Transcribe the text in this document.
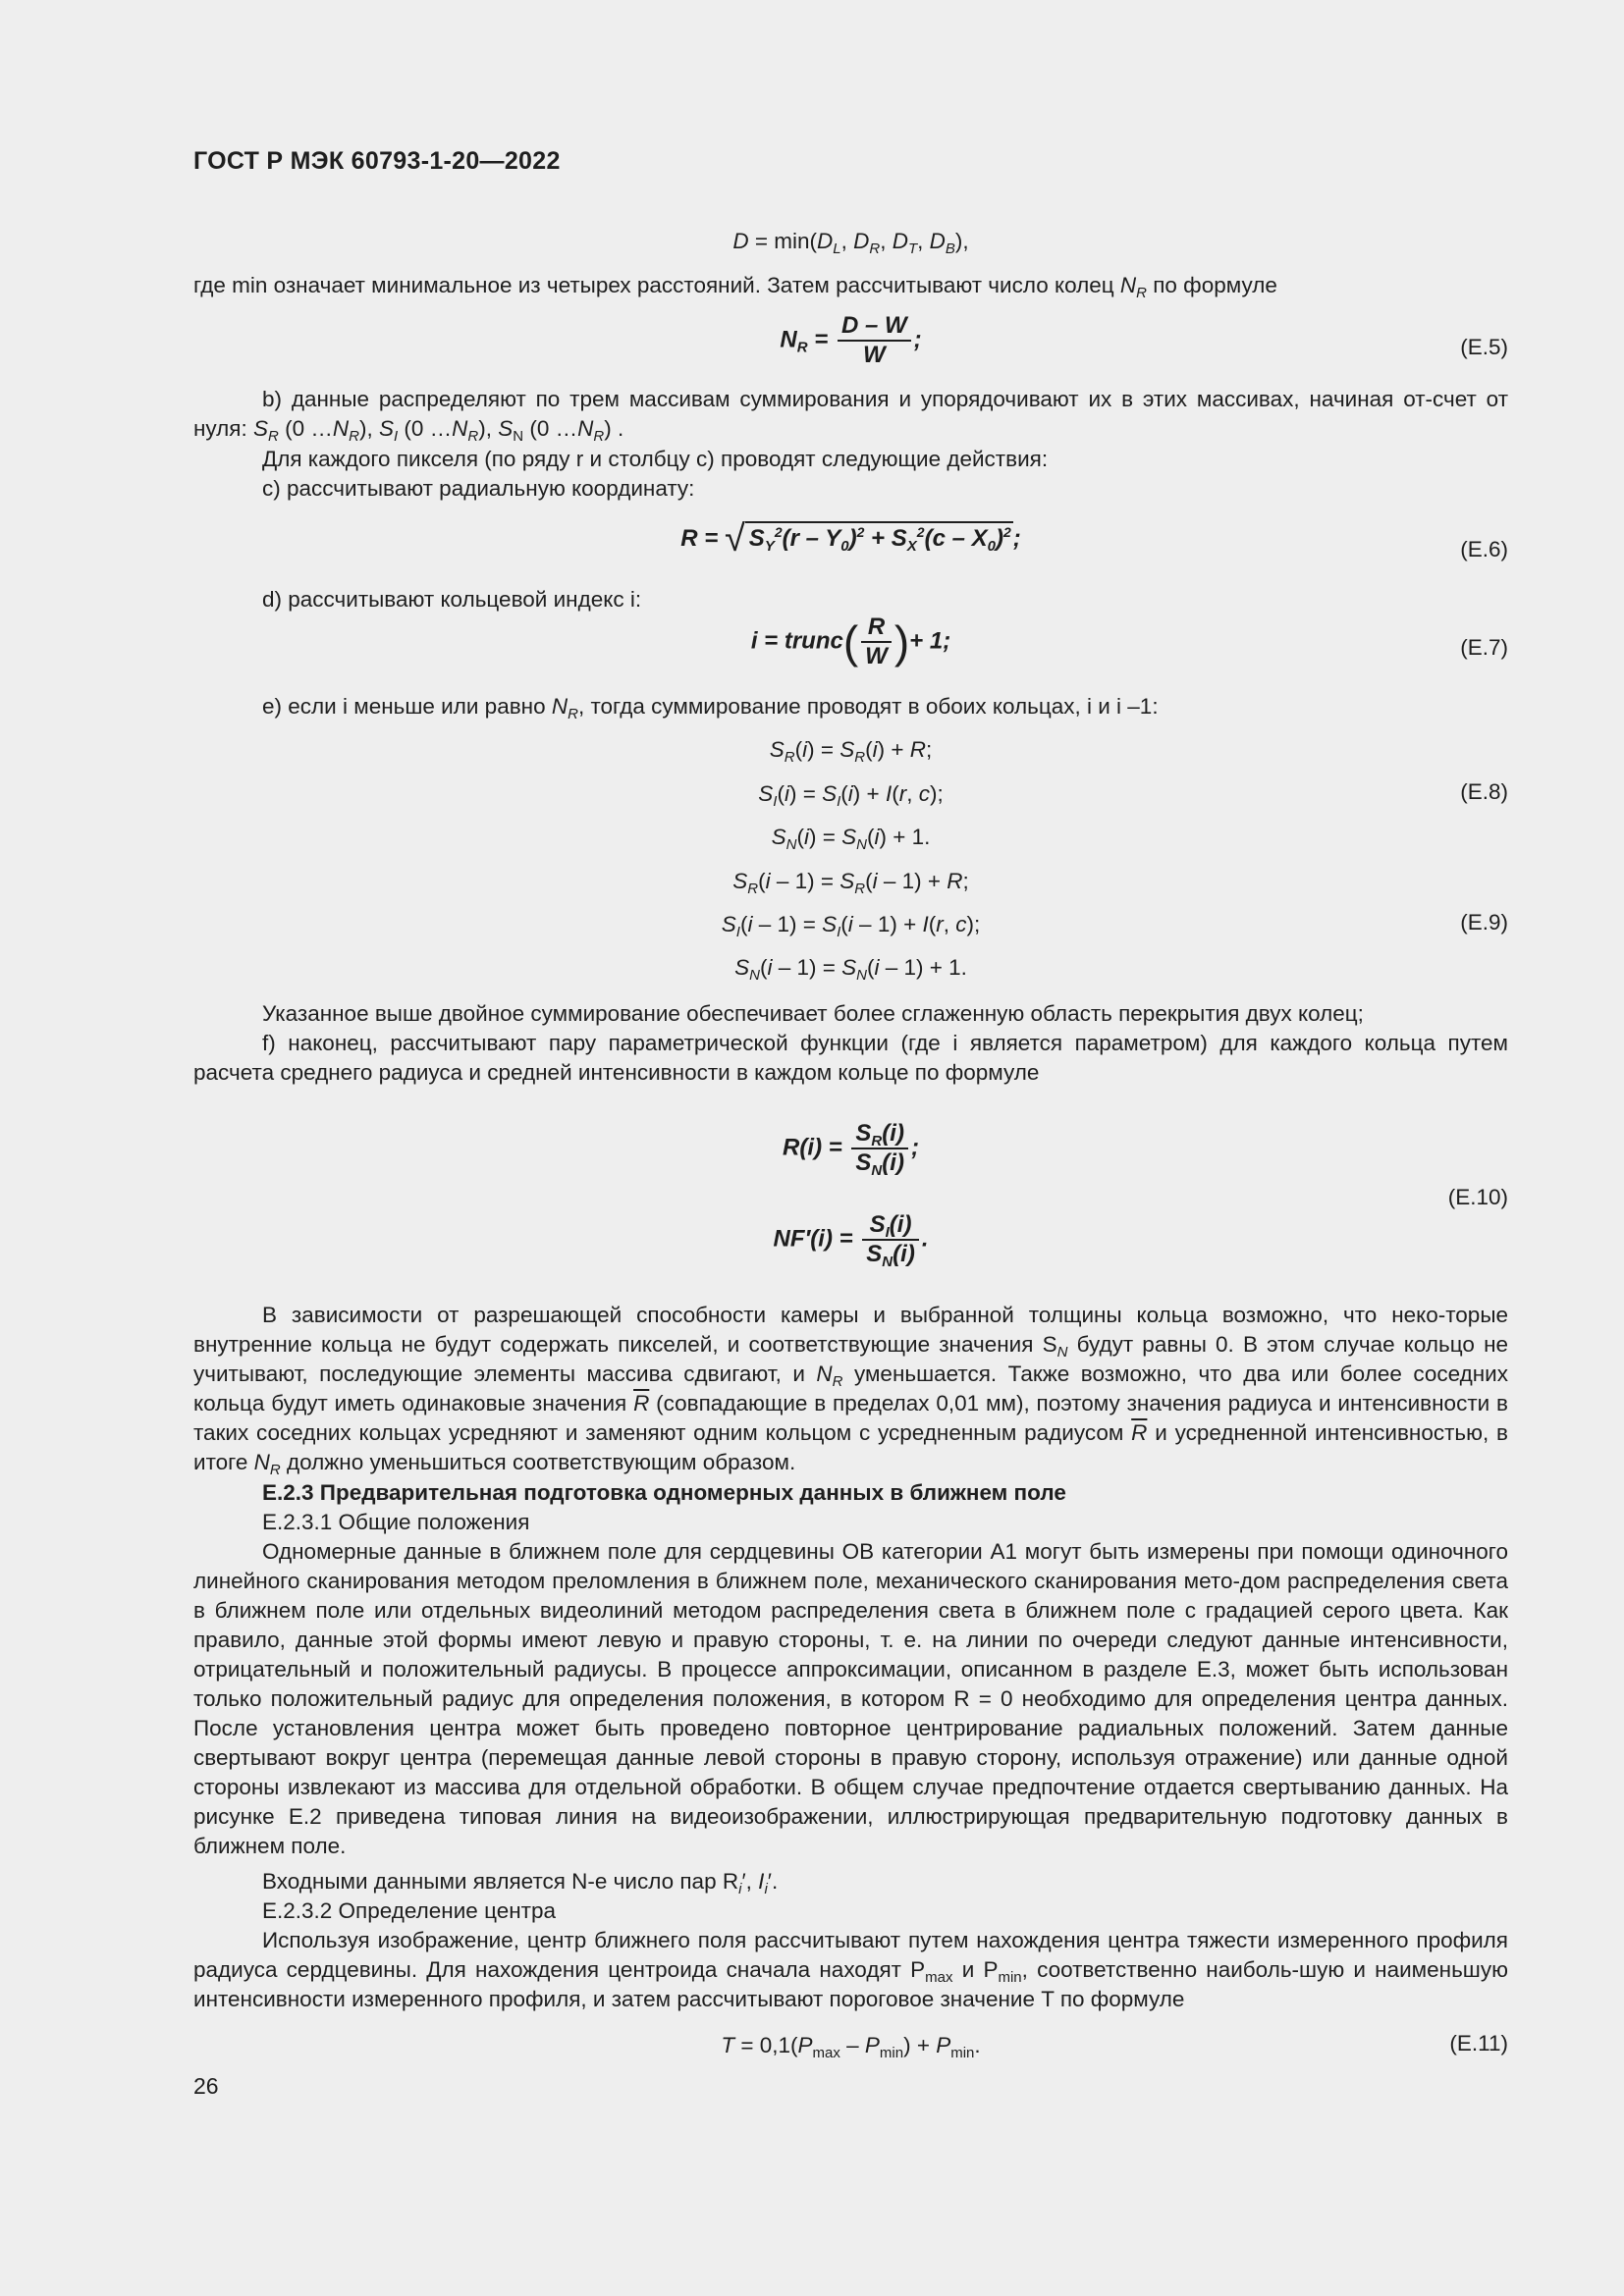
ГОСТ Р МЭК 60793-1-20—2022
$D = \min(D_L$, $D_R$, $D_T$, $D_B$),
где min означает минимальное из четырех расстояний. Затем рассчитывают число колец $N_R$ по формуле
$N_R = \frac{D - W}{W}$ ;	(E.5)
b) данные распределяют по трем массивам суммирования и упорядочивают их в этих массивах, начиная от-счет от нуля: $S_R$ (0 $\dots N_R$), $S_I$ (0 $\dots N_R$), $S_N$ (0 $\dots N_R$) .
Для каждого пикселя (по ряду r и столбцу c) проводят следующие действия:
c) рассчитывают радиальную координату:
R = √ $S_Y^2(r - Y_0)^2 + S_X^2(c - X_0)^2$;	(E.6)
d) рассчитывают кольцевой индекс i:
i = trunc( $\frac{R}{W}$ )+ 1;	(E.7)
e) если i меньше или равно $N_R$, тогда суммирование проводят в обоих кольцах, i и i –1:
$S_R(i) = S_R(i) + R$;
$S_I(i) = S_I(i) + I(r$, c);	(E.8)
$S_N(i) = S_N(i) + 1$.
$S_R(i - 1) = S_R(i - 1) + R$;
$S_I(i - 1) = S_I(i - 1) + I(r$, c);	(E.9)
$S_N(i - 1) = S_N(i - 1) + 1$.
Указанное выше двойное суммирование обеспечивает более сглаженную область перекрытия двух колец;
f) наконец, рассчитывают пару параметрической функции (где i является параметром) для каждого кольца путем расчета среднего радиуса и средней интенсивности в каждом кольце по формуле
$R(i) = \frac{S_R(i)}{S_N(i)}$ ;
(E.10)
$NF'(i) = \frac{S_I(i)}{S_N(i)}$ .
В зависимости от разрешающей способности камеры и выбранной толщины кольца возможно, что неко-торые внутренние кольца не будут содержать пикселей, и соответствующие значения $S_N$ будут равны 0. В этом случае кольцо не учитывают, последующие элементы массива сдвигают, и $N_R$ уменьшается. Также возможно, что два или более соседних кольца будут иметь одинаковые значения $\overline{R}$ (совпадающие в пределах 0,01 мм), поэтому значения радиуса и интенсивности в таких соседних кольцах усредняют и заменяют одним кольцом с усредненным радиусом $\overline{R}$ и усредненной интенсивностью, в итоге $N_R$ должно уменьшиться соответствующим образом.
E.2.3 Предварительная подготовка одномерных данных в ближнем поле
E.2.3.1 Общие положения
Одномерные данные в ближнем поле для сердцевины ОВ категории А1 могут быть измерены при помощи одиночного линейного сканирования методом преломления в ближнем поле, механического сканирования мето-дом распределения света в ближнем поле или отдельных видеолиний методом распределения света в ближнем поле с градацией серого цвета. Как правило, данные этой формы имеют левую и правую стороны, т. е. на линии по очереди следуют данные интенсивности, отрицательный и положительный радиусы. В процессе аппроксимации, описанном в разделе Е.3, может быть использован только положительный радиус для определения положения, в котором R = 0 необходимо для определения центра данных. После установления центра может быть проведено повторное центрирование радиальных положений. Затем данные свертывают вокруг центра (перемещая данные левой стороны в правую сторону, используя отражение) или данные одной стороны извлекают из массива для отдельной обработки. В общем случае предпочтение отдается свертыванию данных. На рисунке Е.2 приведена типовая линия на видеоизображении, иллюстрирующая предварительную подготовку данных в ближнем поле.
Входными данными является N-е число пар $R_i'$, $I_i'$.
E.2.3.2 Определение центра
Используя изображение, центр ближнего поля рассчитывают путем нахождения центра тяжести измеренного профиля радиуса сердцевины. Для нахождения центроида сначала находят $P_{max}$ и $P_{min}$, соответственно наиболь-шую и наименьшую интенсивности измеренного профиля, и затем рассчитывают пороговое значение T по формуле
$T = 0,1(P_{max} - P_{min}) + P_{min}$.	(E.11)
26
